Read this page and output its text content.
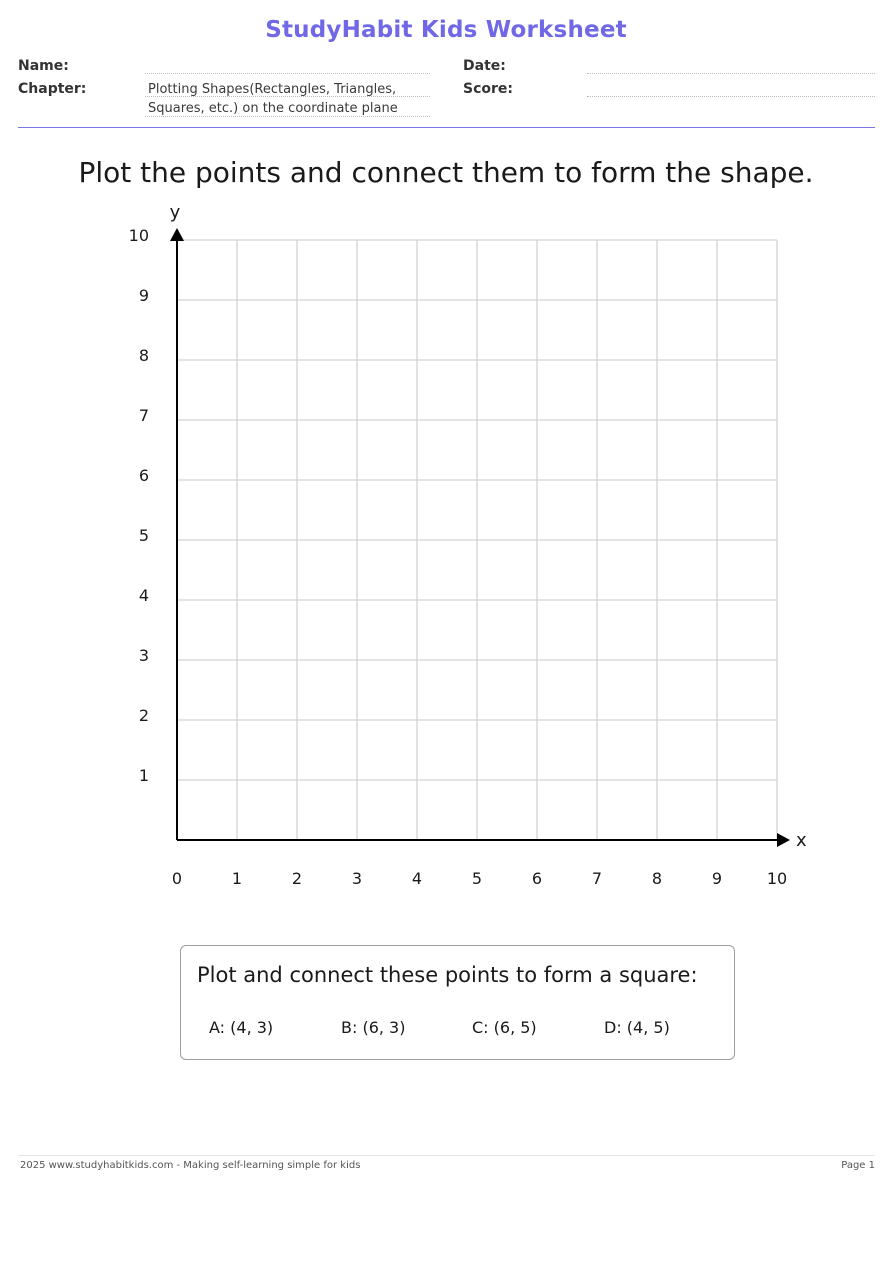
StudyHabit Kids Worksheet
Name:	Date:
Chapter:	Plotting Shapes(Rectangles, Triangles,
Squares, etc.) on the coordinate plane
Score:
Plot the points and connect them to form the shape.
0	1	2	3	4	5	6	7	8	9	10
1
2
3
4
5
6
7
8
9
10
x
y
Plot and connect these points to form a square:
A: (4, 3)	B: (6, 3)	C: (6, 5)	D: (4, 5)
2025 www.studyhabitkids.com - Making self-learning simple for kids	Page 1
